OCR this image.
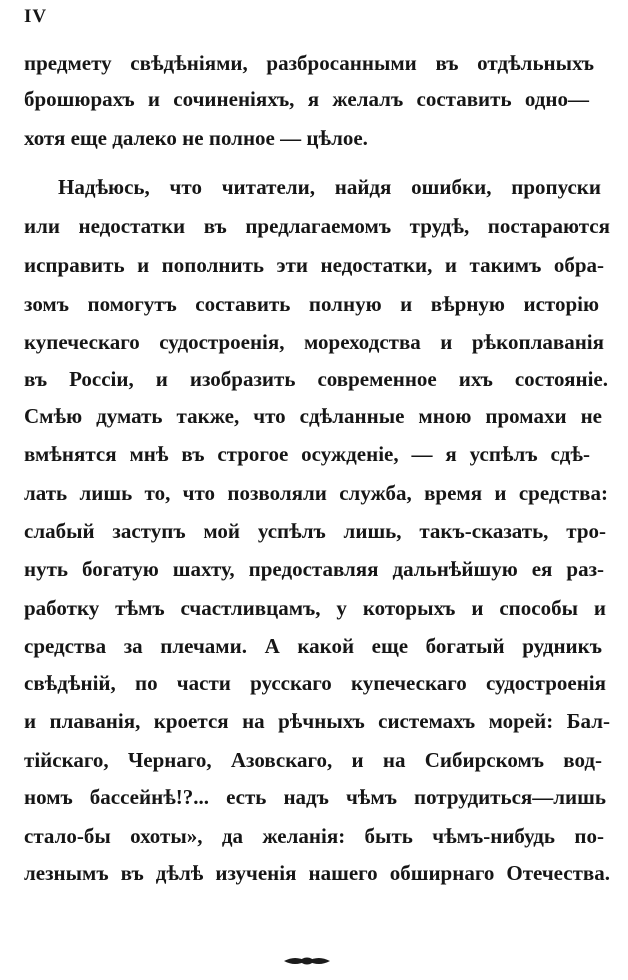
IV
предмету свѣдѣніями, разбросанными въ отдѣльныхъ
брошюрахъ и сочиненіяхъ, я желалъ составить одно—
хотя еще далеко не полное — цѣлое.
Надѣюсь, что читатели, найдя ошибки, пропуски
или недостатки въ предлагаемомъ трудѣ, постараются
исправить и пополнить эти недостатки, и такимъ обра-
зомъ помогутъ составить полную и вѣрную исторію
купеческаго судостроенія, мореходства и рѣкоплаванія
въ Россіи, и изобразить современное ихъ состояніе.
Смѣю думать также, что сдѣланные мною промахи не
вмѣнятся мнѣ въ строгое осужденіе, — я успѣлъ сдѣ-
лать лишь то, что позволяли служба, время и средства:
слабый заступъ мой успѣлъ лишь, такъ-сказать, тро-
нуть богатую шахту, предоставляя дальнѣйшую ея раз-
работку тѣмъ счастливцамъ, у которыхъ и способы и
средства за плечами. А какой еще богатый рудникъ
свѣдѣній, по части русскаго купеческаго судостроенія
и плаванія, кроется на рѣчныхъ системахъ морей: Бал-
тійскаго, Чернаго, Азовскаго, и на Сибирскомъ вод-
номъ бассейнѣ!?... есть надъ чѣмъ потрудиться—лишь
стало-бы охоты», да желанія: быть чѣмъ-нибудь по-
лезнымъ въ дѣлѣ изученія нашего обширнаго Отечества.
